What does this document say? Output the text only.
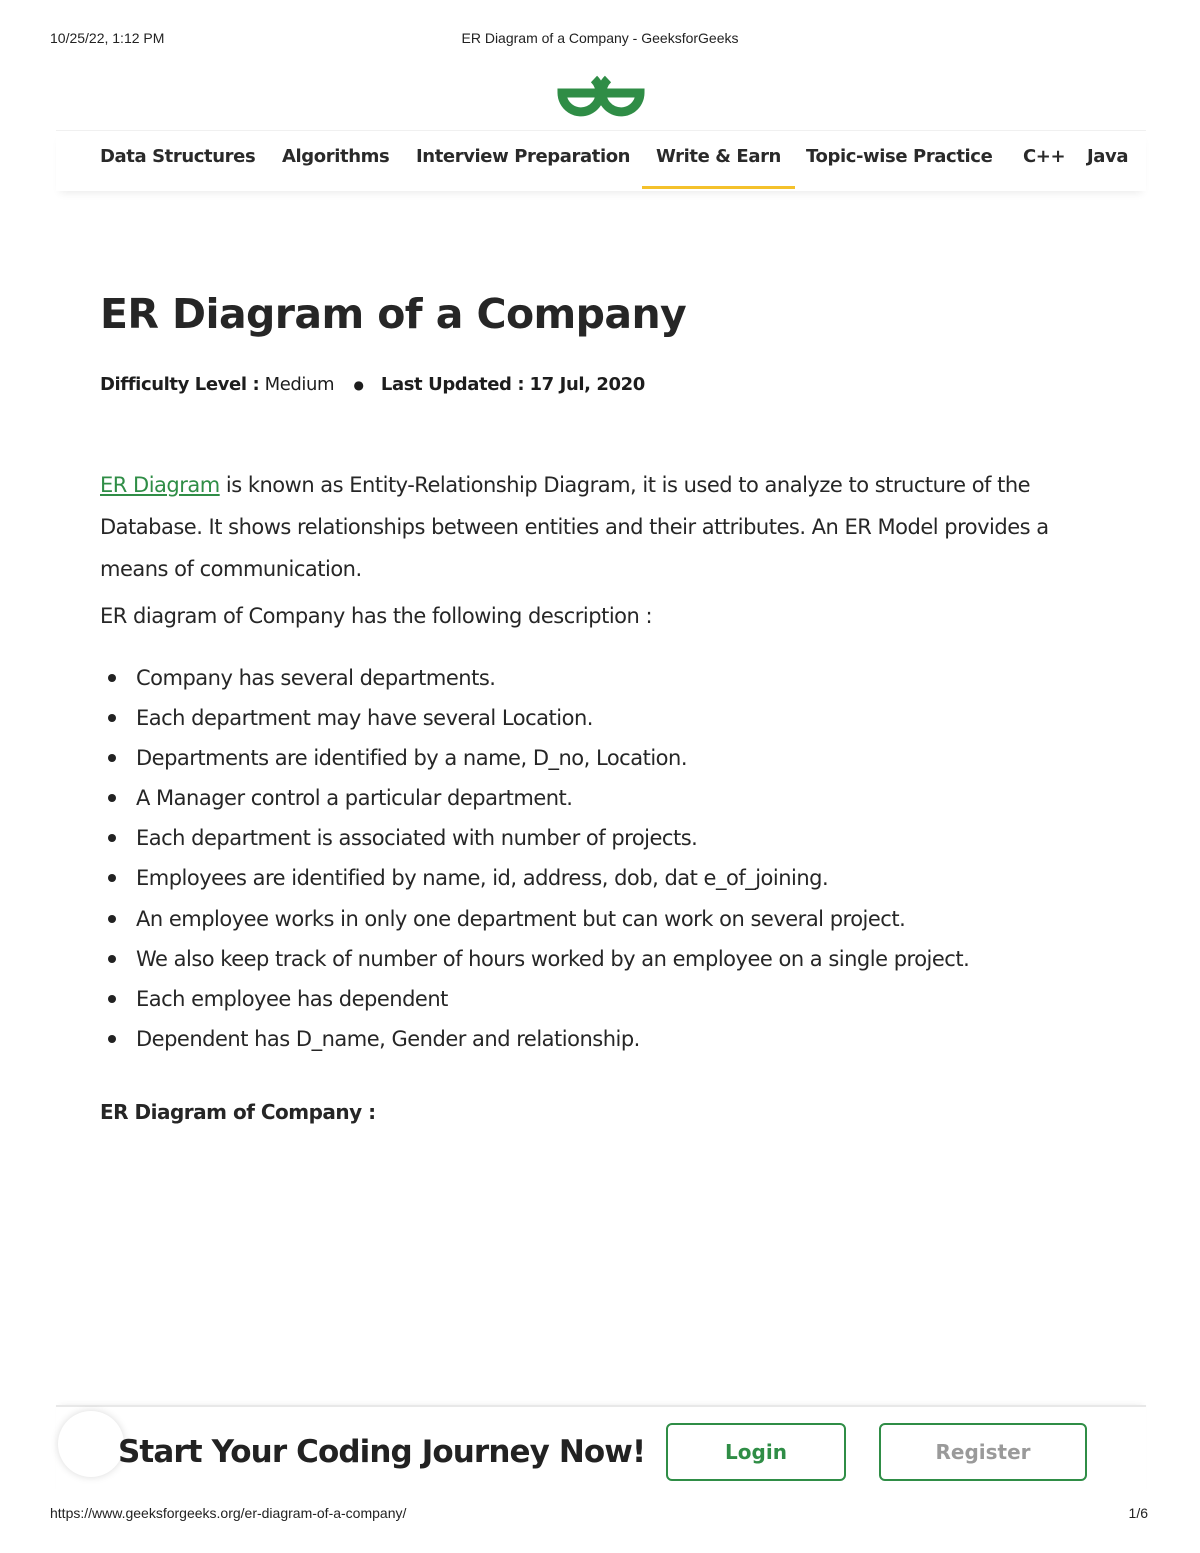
10/25/22, 1:12 PM	ER Diagram of a Company - GeeksforGeeks
Data Structures Algorithms Interview Preparation Write & Earn Topic-wise Practice C++ Java
ER Diagram of a Company
Difficulty Level : Medium ● Last Updated : 17 Jul, 2020

ER Diagram is known as Entity-Relationship Diagram, it is used to analyze to structure of the Database. It shows relationships between entities and their attributes. An ER Model provides a means of communication.

ER diagram of Company has the following description :

Company has several departments.
Each department may have several Location.
Departments are identified by a name, D_no, Location.
A Manager control a particular department.
Each department is associated with number of projects.
Employees are identified by name, id, address, dob, dat e_of_joining.
An employee works in only one department but can work on several project.
We also keep track of number of hours worked by an employee on a single project.
Each employee has dependent
Dependent has D_name, Gender and relationship.

ER Diagram of Company :

Start Your Coding Journey Now!	Login	Register
https://www.geeksforgeeks.org/er-diagram-of-a-company/	1/6
